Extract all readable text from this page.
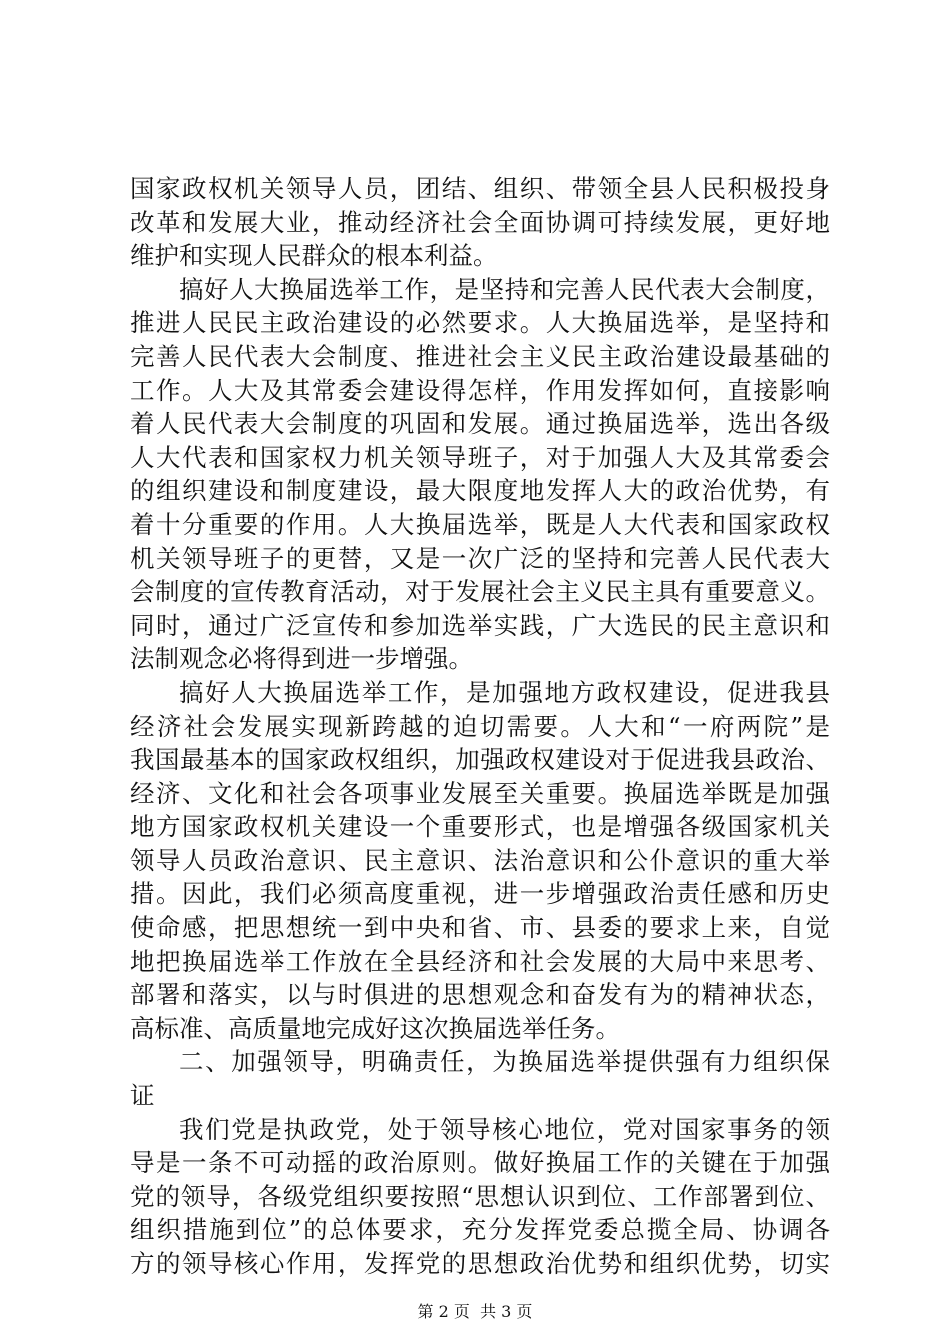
国家政权机关领导人员，团结、组织、带领全县人民积极投身
改革和发展大业，推动经济社会全面协调可持续发展，更好地
维护和实现人民群众的根本利益。
搞好人大换届选举工作，是坚持和完善人民代表大会制度，
推进人民民主政治建设的必然要求。人大换届选举，是坚持和
完善人民代表大会制度、推进社会主义民主政治建设最基础的
工作。人大及其常委会建设得怎样，作用发挥如何，直接影响
着人民代表大会制度的巩固和发展。通过换届选举，选出各级
人大代表和国家权力机关领导班子，对于加强人大及其常委会
的组织建设和制度建设，最大限度地发挥人大的政治优势，有
着十分重要的作用。人大换届选举，既是人大代表和国家政权
机关领导班子的更替，又是一次广泛的坚持和完善人民代表大
会制度的宣传教育活动，对于发展社会主义民主具有重要意义。
同时，通过广泛宣传和参加选举实践，广大选民的民主意识和
法制观念必将得到进一步增强。
搞好人大换届选举工作，是加强地方政权建设，促进我县
经济社会发展实现新跨越的迫切需要。人大和“一府两院”是
我国最基本的国家政权组织，加强政权建设对于促进我县政治、
经济、文化和社会各项事业发展至关重要。换届选举既是加强
地方国家政权机关建设一个重要形式，也是增强各级国家机关
领导人员政治意识、民主意识、法治意识和公仆意识的重大举
措。因此，我们必须高度重视，进一步增强政治责任感和历史
使命感，把思想统一到中央和省、市、县委的要求上来，自觉
地把换届选举工作放在全县经济和社会发展的大局中来思考、
部署和落实，以与时俱进的思想观念和奋发有为的精神状态，
高标准、高质量地完成好这次换届选举任务。
二、加强领导，明确责任，为换届选举提供强有力组织保
证
我们党是执政党，处于领导核心地位，党对国家事务的领
导是一条不可动摇的政治原则。做好换届工作的关键在于加强
党的领导，各级党组织要按照“思想认识到位、工作部署到位、
组织措施到位”的总体要求，充分发挥党委总揽全局、协调各
方的领导核心作用，发挥党的思想政治优势和组织优势，切实
第 2 页  共 3 页
